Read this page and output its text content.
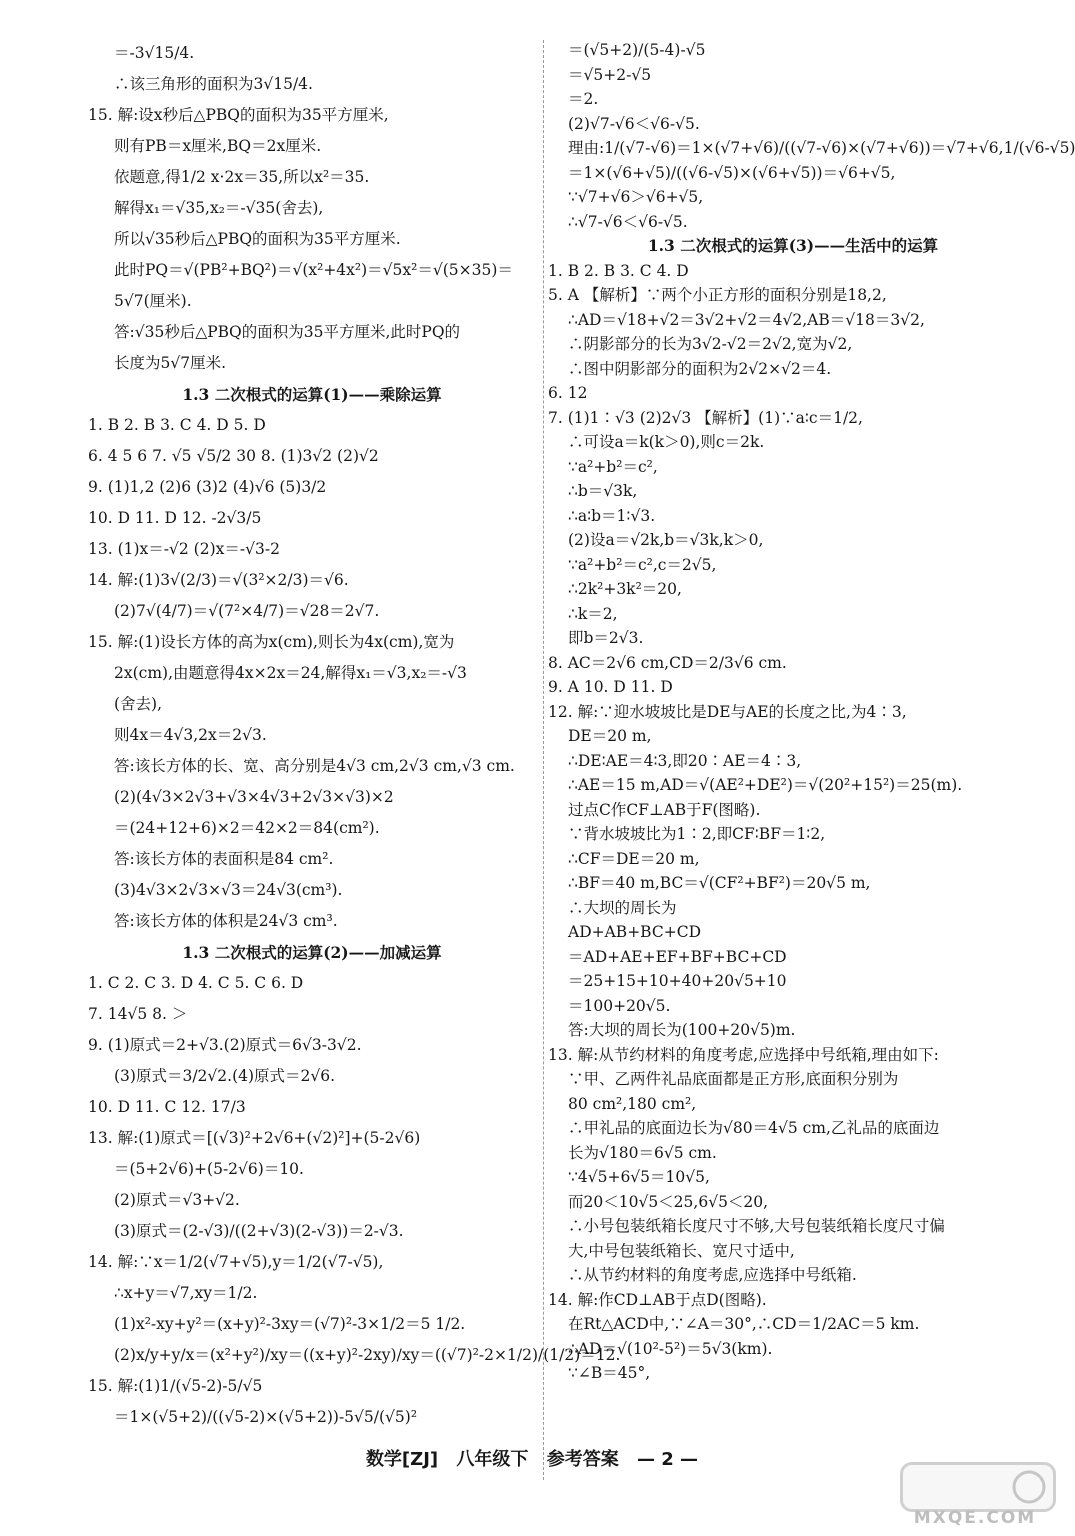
＝-3√15/4.
∴该三角形的面积为3√15/4.
15. 解:设x秒后△PBQ的面积为35平方厘米,
则有PB＝x厘米,BQ＝2x厘米.
依题意,得1/2 x·2x＝35,所以x²＝35.
解得x₁＝√35,x₂＝-√35(舍去),
所以√35秒后△PBQ的面积为35平方厘米.
此时PQ＝√(PB²+BQ²)＝√(x²+4x²)＝√5x²＝√(5×35)＝
5√7(厘米).
答:√35秒后△PBQ的面积为35平方厘米,此时PQ的
长度为5√7厘米.
1.3 二次根式的运算(1)——乘除运算
1. B 2. B 3. C 4. D 5. D
6. 4 5 6 7. √5 √5/2 30 8. (1)3√2 (2)√2
9. (1)1,2 (2)6 (3)2 (4)√6 (5)3/2
10. D 11. D 12. -2√3/5
13. (1)x＝-√2 (2)x＝-√3-2
14. 解:(1)3√(2/3)＝√(3²×2/3)＝√6.
(2)7√(4/7)＝√(7²×4/7)＝√28＝2√7.
15. 解:(1)设长方体的高为x(cm),则长为4x(cm),宽为
2x(cm),由题意得4x×2x＝24,解得x₁＝√3,x₂＝-√3
(舍去),
则4x＝4√3,2x＝2√3.
答:该长方体的长、宽、高分别是4√3 cm,2√3 cm,√3 cm.
(2)(4√3×2√3+√3×4√3+2√3×√3)×2
＝(24+12+6)×2＝42×2＝84(cm²).
答:该长方体的表面积是84 cm².
(3)4√3×2√3×√3＝24√3(cm³).
答:该长方体的体积是24√3 cm³.
1.3 二次根式的运算(2)——加减运算
1. C 2. C 3. D 4. C 5. C 6. D
7. 14√5 8. ＞
9. (1)原式＝2+√3.(2)原式＝6√3-3√2.
(3)原式＝3/2√2.(4)原式＝2√6.
10. D 11. C 12. 17/3
13. 解:(1)原式＝[(√3)²+2√6+(√2)²]+(5-2√6)
＝(5+2√6)+(5-2√6)＝10.
(2)原式＝√3+√2.
(3)原式＝(2-√3)/((2+√3)(2-√3))＝2-√3.
14. 解:∵x＝1/2(√7+√5),y＝1/2(√7-√5),
∴x+y＝√7,xy＝1/2.
(1)x²-xy+y²＝(x+y)²-3xy＝(√7)²-3×1/2＝5 1/2.
(2)x/y+y/x＝(x²+y²)/xy＝((x+y)²-2xy)/xy＝((√7)²-2×1/2)/(1/2)＝12.
15. 解:(1)1/(√5-2)-5/√5
＝1×(√5+2)/((√5-2)×(√5+2))-5√5/(√5)²
＝(√5+2)/(5-4)-√5
＝√5+2-√5
＝2.
(2)√7-√6＜√6-√5.
理由:1/(√7-√6)＝1×(√7+√6)/((√7-√6)×(√7+√6))＝√7+√6,1/(√6-√5)
＝1×(√6+√5)/((√6-√5)×(√6+√5))＝√6+√5,
∵√7+√6＞√6+√5,
∴√7-√6＜√6-√5.
1.3 二次根式的运算(3)——生活中的运算
1. B 2. B 3. C 4. D
5. A 【解析】∵两个小正方形的面积分别是18,2,
∴AD＝√18+√2＝3√2+√2＝4√2,AB＝√18＝3√2,
∴阴影部分的长为3√2-√2＝2√2,宽为√2,
∴图中阴影部分的面积为2√2×√2＝4.
6. 12
7. (1)1∶√3 (2)2√3 【解析】(1)∵a∶c＝1/2,
∴可设a＝k(k＞0),则c＝2k.
∵a²+b²＝c²,
∴b＝√3k,
∴a∶b＝1∶√3.
(2)设a＝√2k,b＝√3k,k＞0,
∵a²+b²＝c²,c＝2√5,
∴2k²+3k²＝20,
∴k＝2,
即b＝2√3.
8. AC＝2√6 cm,CD＝2/3√6 cm.
9. A 10. D 11. D
12. 解:∵迎水坡坡比是DE与AE的长度之比,为4∶3,
DE＝20 m,
∴DE∶AE＝4∶3,即20∶AE＝4∶3,
∴AE＝15 m,AD＝√(AE²+DE²)＝√(20²+15²)＝25(m).
过点C作CF⊥AB于F(图略).
∵背水坡坡比为1∶2,即CF∶BF＝1∶2,
∴CF＝DE＝20 m,
∴BF＝40 m,BC＝√(CF²+BF²)＝20√5 m,
∴大坝的周长为
AD+AB+BC+CD
＝AD+AE+EF+BF+BC+CD
＝25+15+10+40+20√5+10
＝100+20√5.
答:大坝的周长为(100+20√5)m.
13. 解:从节约材料的角度考虑,应选择中号纸箱,理由如下:
∵甲、乙两件礼品底面都是正方形,底面积分别为
80 cm²,180 cm²,
∴甲礼品的底面边长为√80＝4√5 cm,乙礼品的底面边
长为√180＝6√5 cm.
∵4√5+6√5＝10√5,
而20＜10√5＜25,6√5＜20,
∴小号包装纸箱长度尺寸不够,大号包装纸箱长度尺寸偏
大,中号包装纸箱长、宽尺寸适中,
∴从节约材料的角度考虑,应选择中号纸箱.
14. 解:作CD⊥AB于点D(图略).
在Rt△ACD中,∵∠A＝30°,∴CD＝1/2AC＝5 km.
∴AD＝√(10²-5²)＝5√3(km).
∵∠B＝45°,
数学[ZJ] 八年级下 参考答案 — 2 —
MXQE.COM
